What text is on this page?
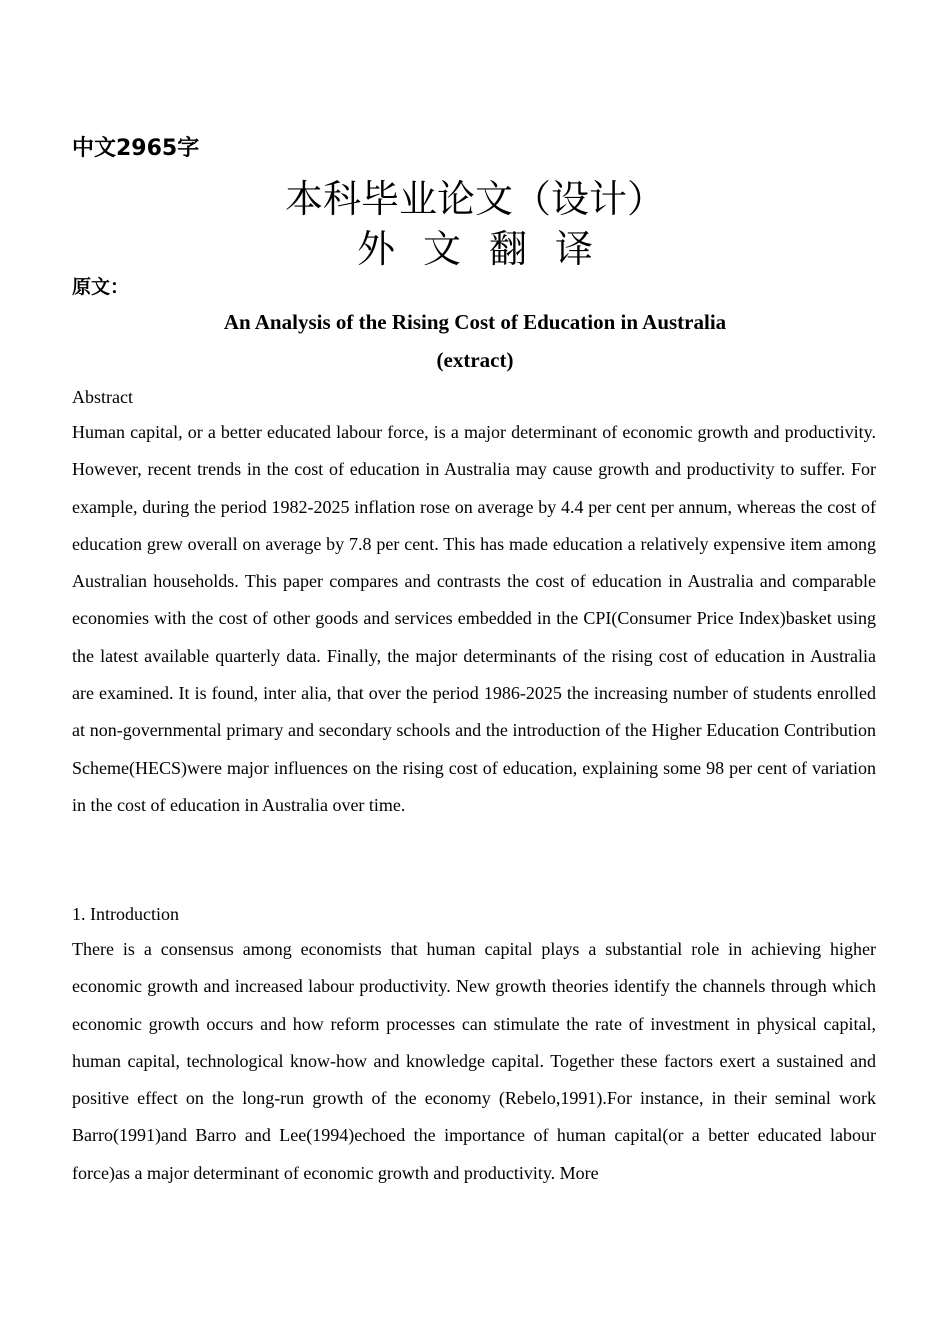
中文2965字
本科毕业论文（设计）
外文翻译
原文：
An Analysis of the Rising Cost of Education in Australia
(extract)
Abstract

Human capital, or a better educated labour force, is a major determinant of economic growth and productivity. However, recent trends in the cost of education in Australia may cause growth and productivity to suffer. For example, during the period 1982-2025 inflation rose on average by 4.4 per cent per annum, whereas the cost of education grew overall on average by 7.8 per cent. This has made education a relatively expensive item among Australian households. This paper compares and contrasts the cost of education in Australia and comparable economies with the cost of other goods and services embedded in the CPI(Consumer Price Index)basket using the latest available quarterly data. Finally, the major determinants of the rising cost of education in Australia are examined. It is found, inter alia, that over the period 1986-2025 the increasing number of students enrolled at non-governmental primary and secondary schools and the introduction of the Higher Education Contribution Scheme(HECS)were major influences on the rising cost of education, explaining some 98 per cent of variation in the cost of education in Australia over time.

1. Introduction

There is a consensus among economists that human capital plays a substantial role in achieving higher economic growth and increased labour productivity. New growth theories identify the channels through which economic growth occurs and how reform processes can stimulate the rate of investment in physical capital, human capital, technological know-how and knowledge capital. Together these factors exert a sustained and positive effect on the long-run growth of the economy (Rebelo,1991).For instance, in their seminal work Barro(1991)and Barro and Lee(1994)echoed the importance of human capital(or a better educated labour force)as a major determinant of economic growth and productivity. More
